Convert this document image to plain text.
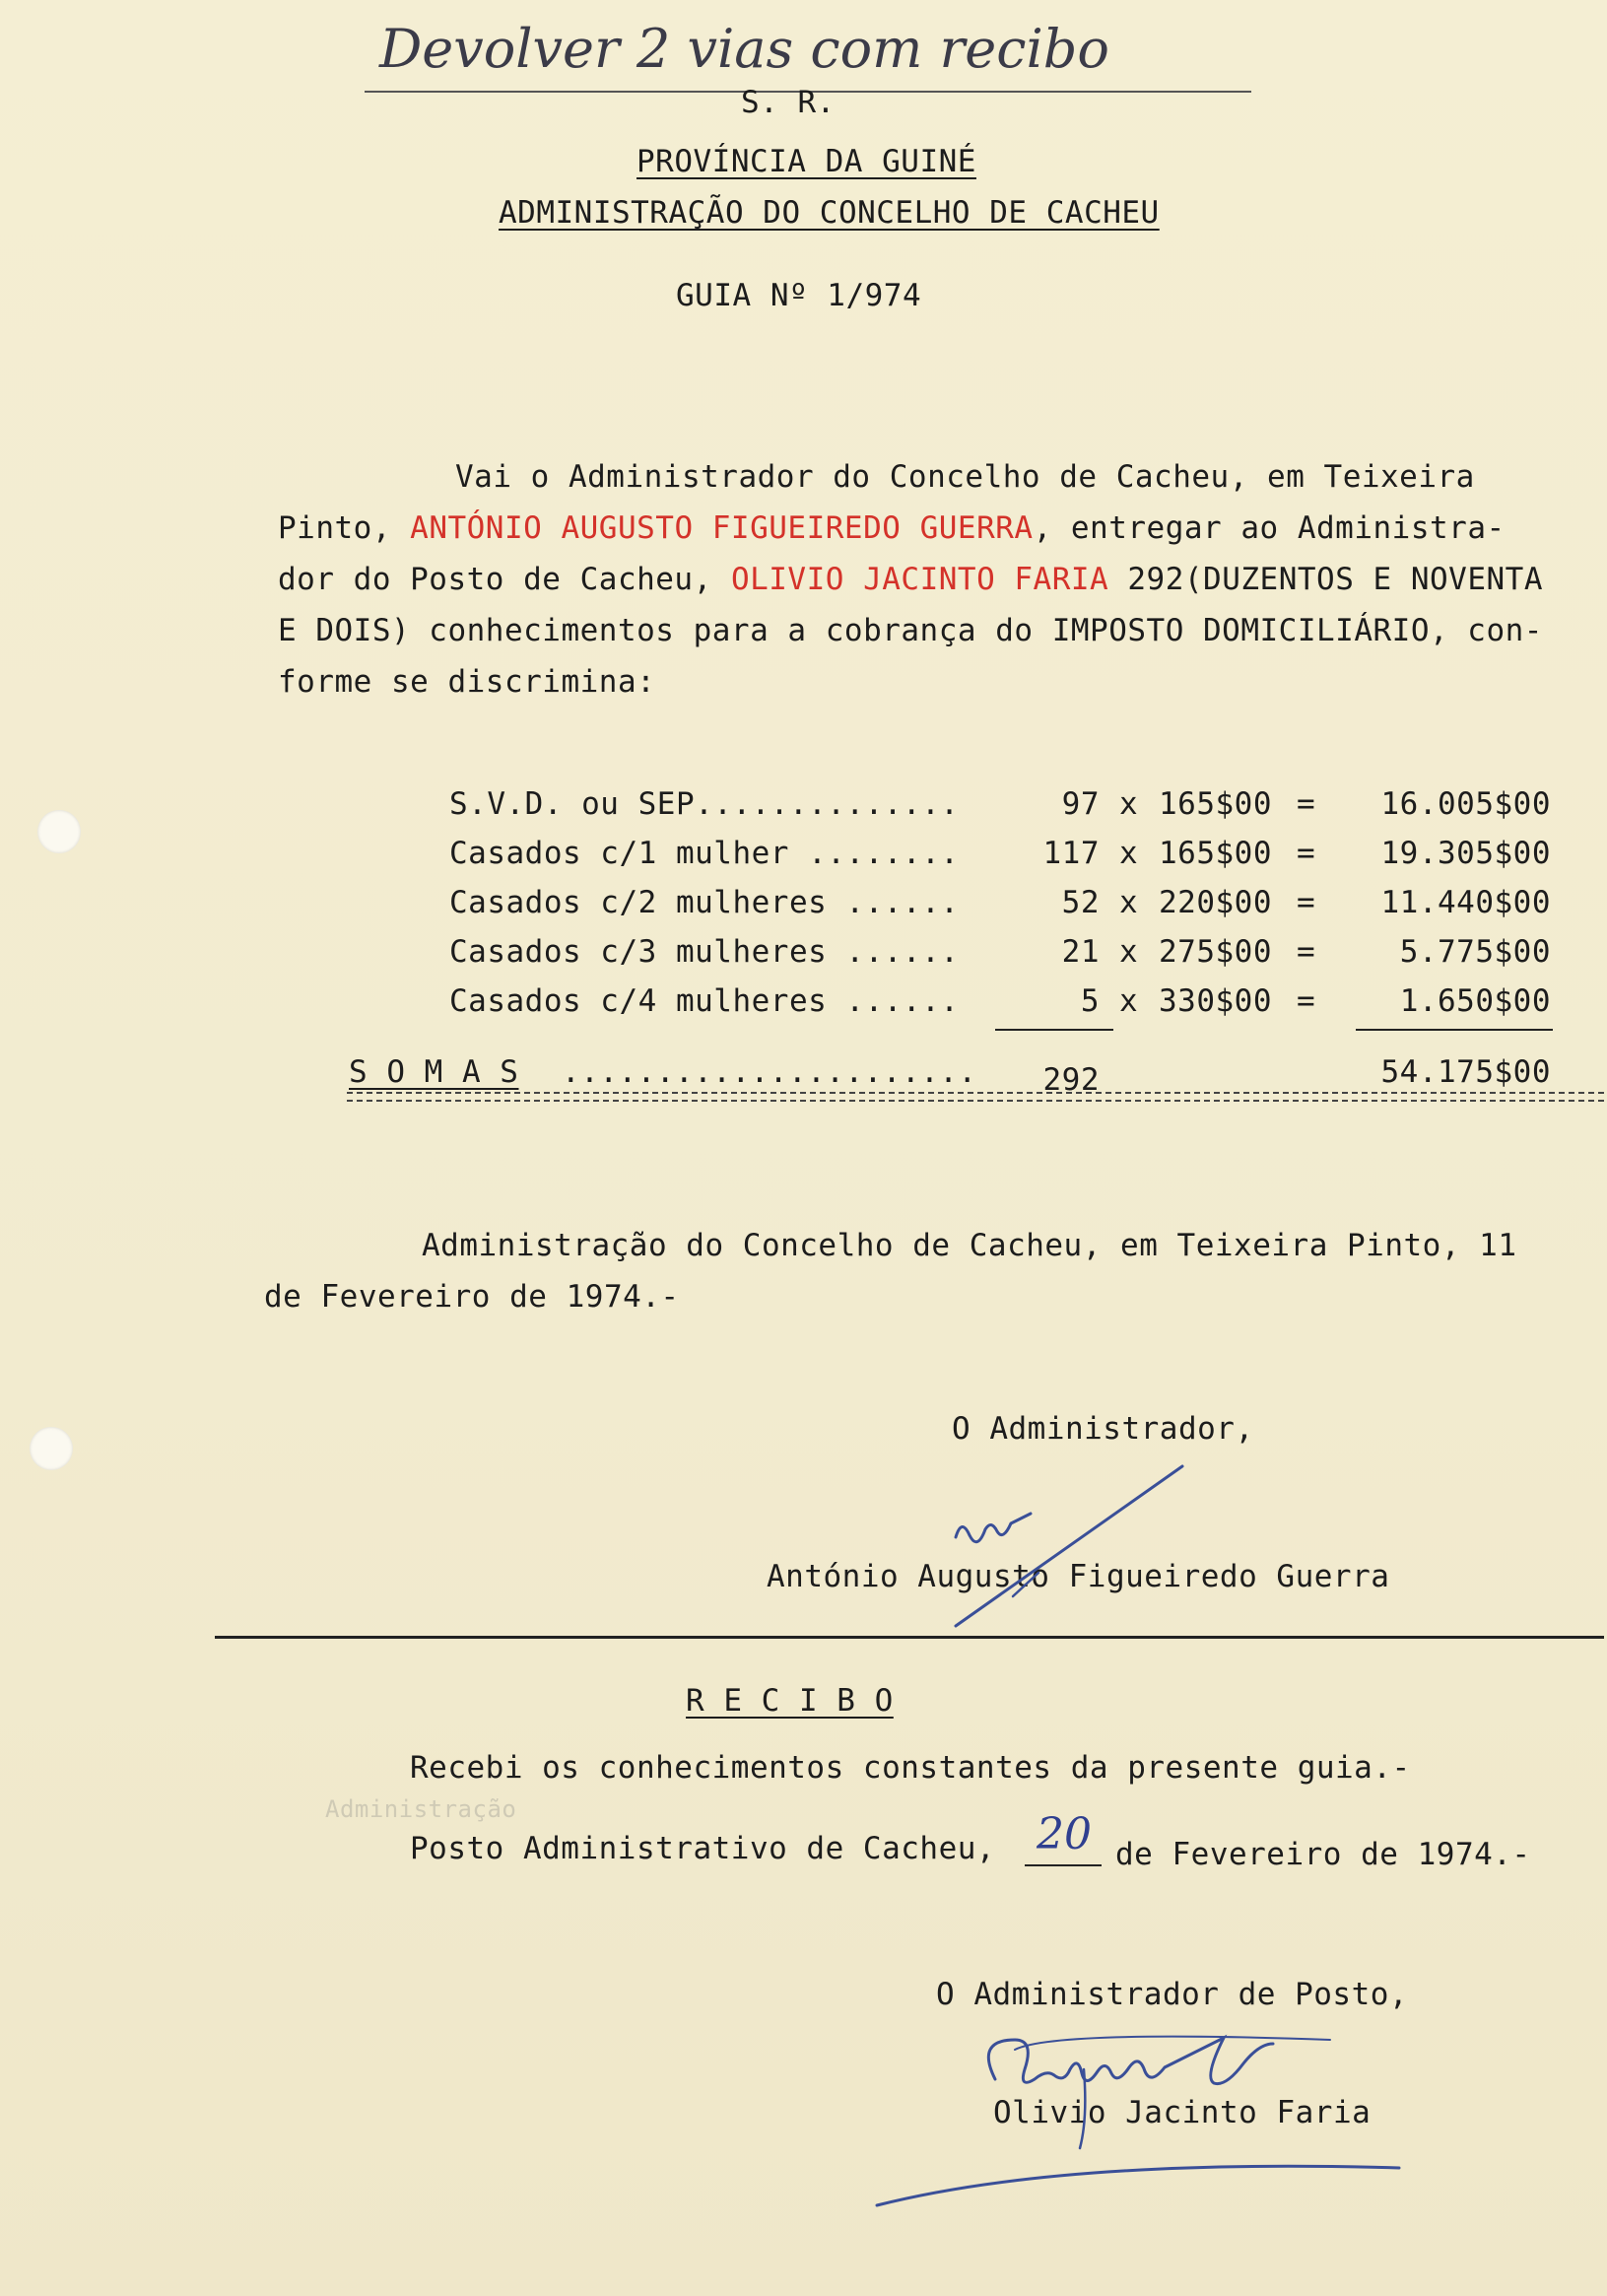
Devolver 2 vias com recibo
S. R.
PROVÍNCIA DA GUINÉ
ADMINISTRAÇÃO DO CONCELHO DE CACHEU
GUIA Nº 1/974
Vai o Administrador do Concelho de Cacheu, em Teixeira
Pinto, ANTÓNIO AUGUSTO FIGUEIREDO GUERRA, entregar ao Administra-
dor do Posto de Cacheu, OLIVIO JACINTO FARIA 292(DUZENTOS E NOVENTA
E DOIS) conhecimentos para a cobrança do IMPOSTO DOMICILIÁRIO, con-
forme se discrimina:
S.V.D. ou SEP..............	97 x 165$00 =	16.005$00
Casados c/1 mulher ........	117 x 165$00 =	19.305$00
Casados c/2 mulheres ......	52 x 220$00 =	11.440$00
Casados c/3 mulheres ......	21 x 275$00 =	5.775$00
Casados c/4 mulheres ......	5 x 330$00 =	1.650$00
S O M A S ......................	292	54.175$00
Administração do Concelho de Cacheu, em Teixeira Pinto, 11
de Fevereiro de 1974.-
O Administrador,
António Augusto Figueiredo Guerra
R E C I B O
Recebi os conhecimentos constantes da presente guia.-
Administração
Posto Administrativo de Cacheu, 20 de Fevereiro de 1974.-
O Administrador de Posto,
Olivio Jacinto Faria
